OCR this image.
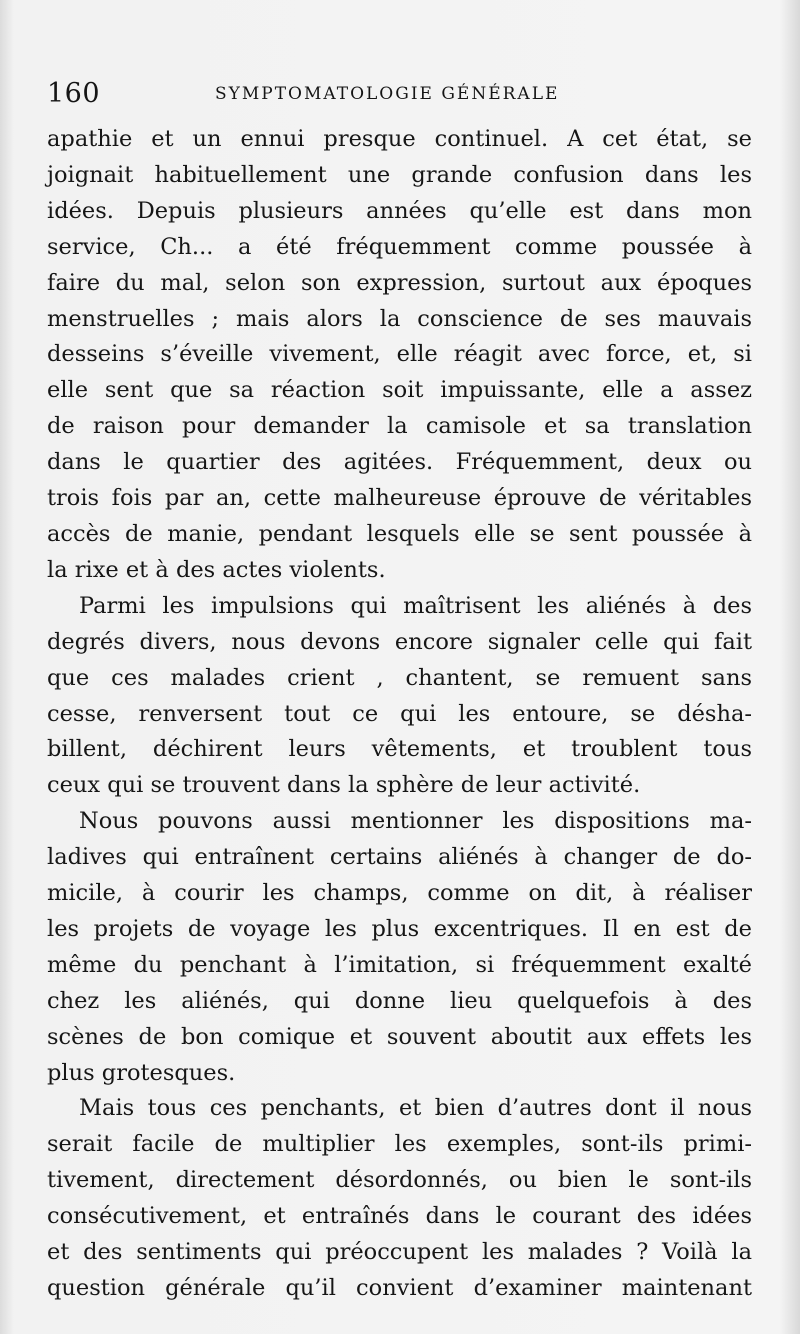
160	SYMPTOMATOLOGIE GÉNÉRALE
apathie et un ennui presque continuel. A cet état, se
joignait habituellement une grande confusion dans les
idées. Depuis plusieurs années qu’elle est dans mon
service, Ch... a été fréquemment comme poussée à
faire du mal, selon son expression, surtout aux époques
menstruelles ; mais alors la conscience de ses mauvais
desseins s’éveille vivement, elle réagit avec force, et, si
elle sent que sa réaction soit impuissante, elle a assez
de raison pour demander la camisole et sa translation
dans le quartier des agitées. Fréquemment, deux ou
trois fois par an, cette malheureuse éprouve de véritables
accès de manie, pendant lesquels elle se sent poussée à
la rixe et à des actes violents.
Parmi les impulsions qui maîtrisent les aliénés à des
degrés divers, nous devons encore signaler celle qui fait
que ces malades crient , chantent, se remuent sans
cesse, renversent tout ce qui les entoure, se désha-
billent, déchirent leurs vêtements, et troublent tous
ceux qui se trouvent dans la sphère de leur activité.
Nous pouvons aussi mentionner les dispositions ma-
ladives qui entraînent certains aliénés à changer de do-
micile, à courir les champs, comme on dit, à réaliser
les projets de voyage les plus excentriques. Il en est de
même du penchant à l’imitation, si fréquemment exalté
chez les aliénés, qui donne lieu quelquefois à des
scènes de bon comique et souvent aboutit aux effets les
plus grotesques.
Mais tous ces penchants, et bien d’autres dont il nous
serait facile de multiplier les exemples, sont-ils primi-
tivement, directement désordonnés, ou bien le sont-ils
consécutivement, et entraînés dans le courant des idées
et des sentiments qui préoccupent les malades ? Voilà la
question générale qu’il convient d’examiner maintenant
